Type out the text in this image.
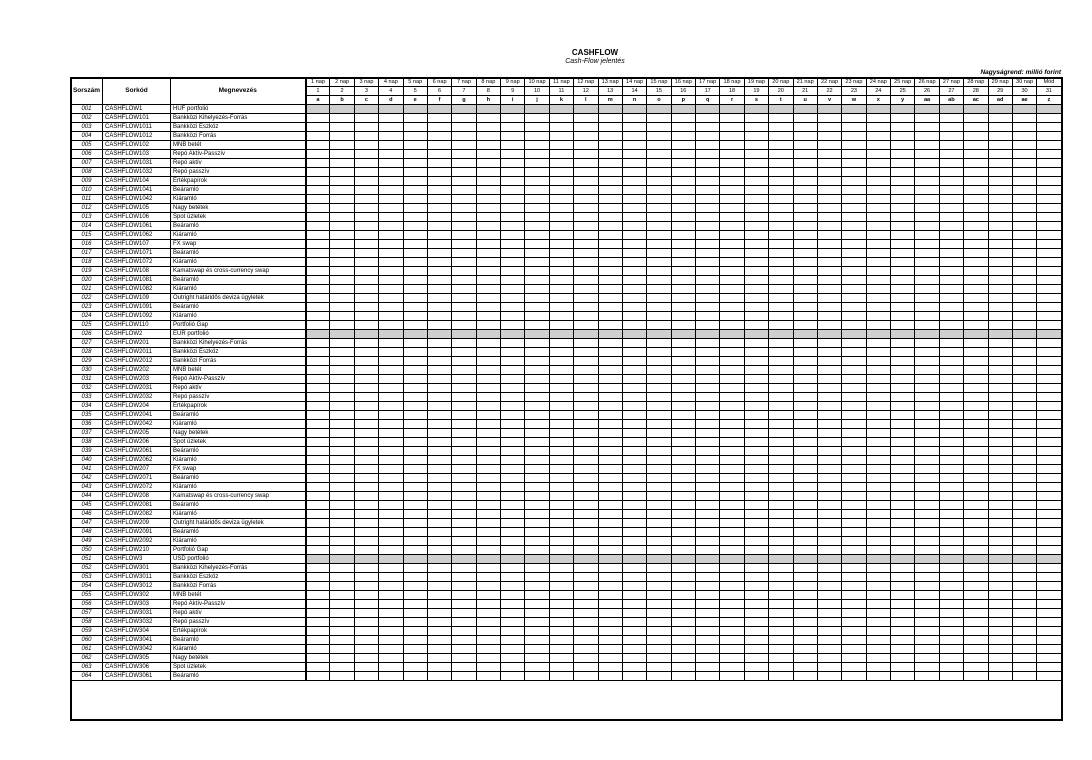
CASHFLOW
Cash-Flow jelentés
Nagyságrend: millió forint
Sorszám	Sorkód	Megnevezés	1 nap	2 nap	3 nap	4 nap	5 nap	6 nap	7 nap	8 nap	9 nap	10 nap	11 nap	12 nap	13 nap	14 nap	15 nap	16 nap	17 nap	18 nap	19 nap	20 nap	21 nap	22 nap	23 nap	24 nap	25 nap	26 nap	27 nap	28 nap	29 nap	30 nap	Mód
			1	2	3	4	5	6	7	8	9	10	11	12	13	14	15	16	17	18	19	20	21	22	23	24	25	26	27	28	29	30	31
			a	b	c	d	e	f	g	h	i	j	k	l	m	n	o	p	q	r	s	t	u	v	w	x	y	aa	ab	ac	ad	ae	z
001	CASHFLOW1	HUF portfolió																															
002	CASHFLOW101	Bankközi Kihelyezés-Forrás																															
003	CASHFLOW1011	Bankközi Eszköz																															
004	CASHFLOW1012	Bankközi Forrás																															
005	CASHFLOW102	MNB betét																															
006	CASHFLOW103	Repó Aktív-Passzív																															
007	CASHFLOW1031	Repó aktív																															
008	CASHFLOW1032	Repó passzív																															
009	CASHFLOW104	Értékpapírok																															
010	CASHFLOW1041	Beáramló																															
011	CASHFLOW1042	Kiáramló																															
012	CASHFLOW105	Nagy betétek																															
013	CASHFLOW106	Spot üzletek																															
014	CASHFLOW1061	Beáramló																															
015	CASHFLOW1062	Kiáramló																															
016	CASHFLOW107	FX swap																															
017	CASHFLOW1071	Beáramló																															
018	CASHFLOW1072	Kiáramló																															
019	CASHFLOW108	Kamatswap és cross-currency swap																															
020	CASHFLOW1081	Beáramló																															
021	CASHFLOW1082	Kiáramló																															
022	CASHFLOW109	Outright határidős deviza ügyletek																															
023	CASHFLOW1091	Beáramló																															
024	CASHFLOW1092	Kiáramló																															
025	CASHFLOW110	Portfolió Gap																															
026	CASHFLOW2	EUR portfolió																															
027	CASHFLOW201	Bankközi Kihelyezés-Forrás																															
028	CASHFLOW2011	Bankközi Eszköz																															
029	CASHFLOW2012	Bankközi Forrás																															
030	CASHFLOW202	MNB betét																															
031	CASHFLOW203	Repó Aktív-Passzív																															
032	CASHFLOW2031	Repó aktív																															
033	CASHFLOW2032	Repó passzív																															
034	CASHFLOW204	Értékpapírok																															
035	CASHFLOW2041	Beáramló																															
036	CASHFLOW2042	Kiáramló																															
037	CASHFLOW205	Nagy betétek																															
038	CASHFLOW206	Spot üzletek																															
039	CASHFLOW2061	Beáramló																															
040	CASHFLOW2062	Kiáramló																															
041	CASHFLOW207	FX swap																															
042	CASHFLOW2071	Beáramló																															
043	CASHFLOW2072	Kiáramló																															
044	CASHFLOW208	Kamatswap és cross-currency swap																															
045	CASHFLOW2081	Beáramló																															
046	CASHFLOW2082	Kiáramló																															
047	CASHFLOW209	Outright határidős deviza ügyletek																															
048	CASHFLOW2091	Beáramló																															
049	CASHFLOW2092	Kiáramló																															
050	CASHFLOW210	Portfolió Gap																															
051	CASHFLOW3	USD portfolió																															
052	CASHFLOW301	Bankközi Kihelyezés-Forrás																															
053	CASHFLOW3011	Bankközi Eszköz																															
054	CASHFLOW3012	Bankközi Forrás																															
055	CASHFLOW302	MNB betét																															
056	CASHFLOW303	Repó Aktív-Passzív																															
057	CASHFLOW3031	Repó aktív																															
058	CASHFLOW3032	Repó passzív																															
059	CASHFLOW304	Értékpapírok																															
060	CASHFLOW3041	Beáramló																															
061	CASHFLOW3042	Kiáramló																															
062	CASHFLOW305	Nagy betétek																															
063	CASHFLOW306	Spot üzletek																															
064	CASHFLOW3061	Beáramló																															
